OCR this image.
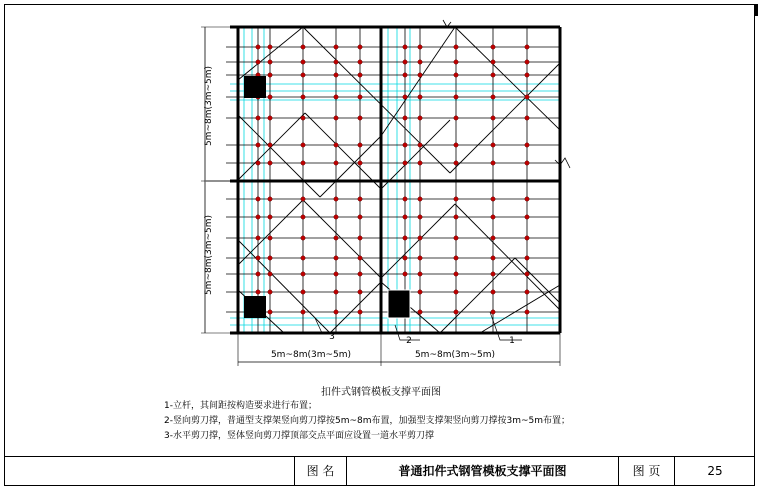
5m~8m(3m~5m)
5m~8m(3m~5m)
5m~8m(3m~5m)	5m~8m(3m~5m)
3	2	1
扣件式钢管模板支撑平面图
1-立杆，其间距按构造要求进行布置；
2-竖向剪刀撑，普通型支撑架竖向剪刀撑按5m~8m布置，加强型支撑架竖向剪刀撑按3m~5m布置；
3-水平剪刀撑，竖体竖向剪刀撑顶部交点平面应设置一道水平剪刀撑
图 名	普通扣件式钢管模板支撑平面图	图 页	25
